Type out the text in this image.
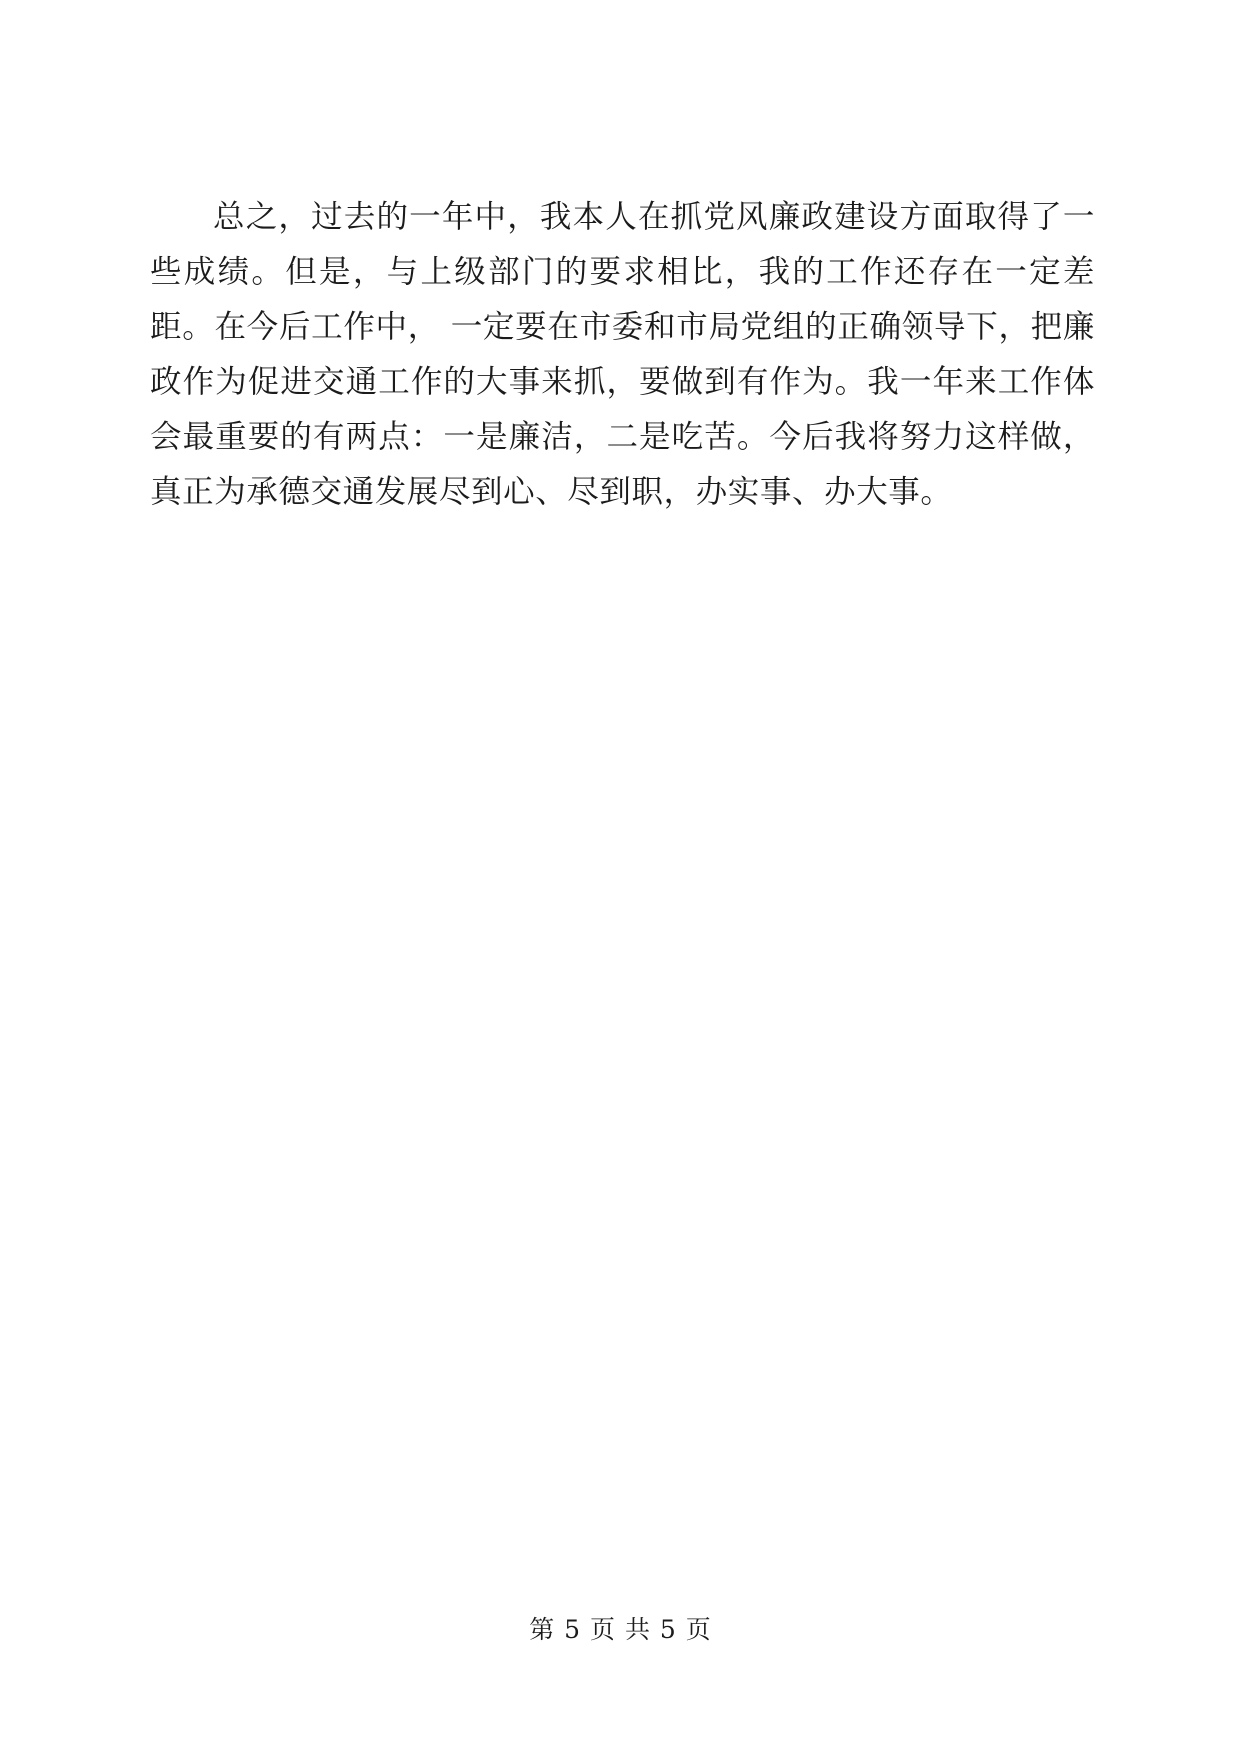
总之，过去的一年中，我本人在抓党风廉政建设方面取得了一些成绩。但是，与上级部门的要求相比，我的工作还存在一定差距。在今后工作中， 一定要在市委和市局党组的正确领导下，把廉政作为促进交通工作的大事来抓，要做到有作为。我一年来工作体会最重要的有两点：一是廉洁，二是吃苦。今后我将努力这样做，真正为承德交通发展尽到心、尽到职，办实事、办大事。

第 5 页 共 5 页
